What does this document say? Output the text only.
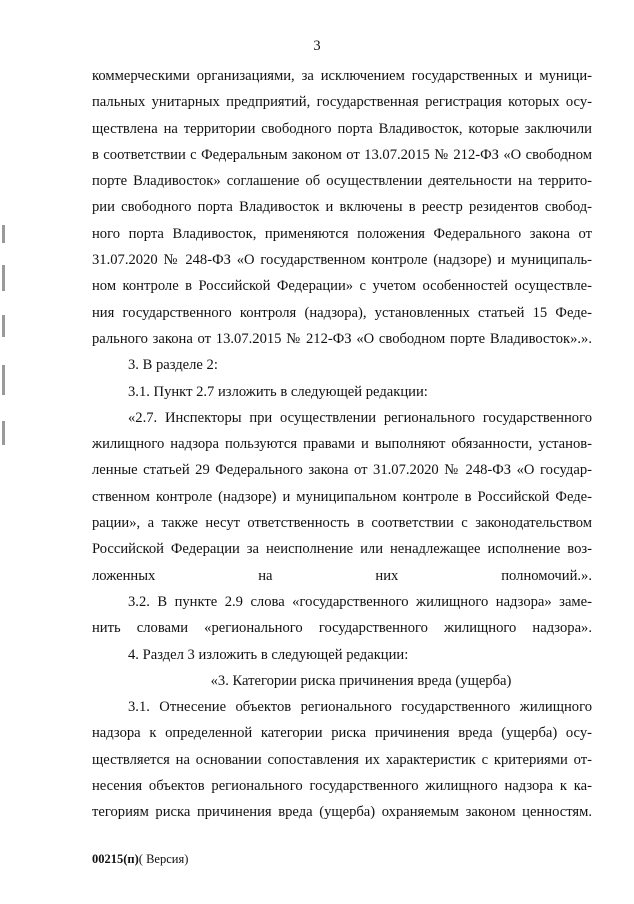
3

коммерческими организациями, за исключением государственных и муници-
пальных унитарных предприятий, государственная регистрация которых осу-
ществлена на территории свободного порта Владивосток, которые заключили
в соответствии с Федеральным законом от 13.07.2015 № 212-ФЗ «О свободном
порте Владивосток» соглашение об осуществлении деятельности на террито-
рии свободного порта Владивосток и включены в реестр резидентов свобод-
ного порта Владивосток, применяются положения Федерального закона от
31.07.2020 № 248-ФЗ «О государственном контроле (надзоре) и муниципаль-
ном контроле в Российской Федерации» с учетом особенностей осуществле-
ния государственного контроля (надзора), установленных статьей 15 Феде-
рального закона от 13.07.2015 № 212-ФЗ «О свободном порте Владивосток».».

3. В разделе 2:

3.1. Пункт 2.7 изложить в следующей редакции:

«2.7. Инспекторы при осуществлении регионального государственного
жилищного надзора пользуются правами и выполняют обязанности, установ-
ленные статьей 29 Федерального закона от 31.07.2020 № 248-ФЗ «О государ-
ственном контроле (надзоре) и муниципальном контроле в Российской Феде-
рации», а также несут ответственность в соответствии с законодательством
Российской Федерации за неисполнение или ненадлежащее исполнение воз-
ложенных на них полномочий.».

3.2. В пункте 2.9 слова «государственного жилищного надзора» заме-
нить словами «регионального государственного жилищного надзора».

4. Раздел 3 изложить в следующей редакции:

«3. Категории риска причинения вреда (ущерба)

3.1. Отнесение объектов регионального государственного жилищного
надзора к определенной категории риска причинения вреда (ущерба) осу-
ществляется на основании сопоставления их характеристик с критериями от-
несения объектов регионального государственного жилищного надзора к ка-
тегориям риска причинения вреда (ущерба) охраняемым законом ценностям.

00215(п)( Версия)
